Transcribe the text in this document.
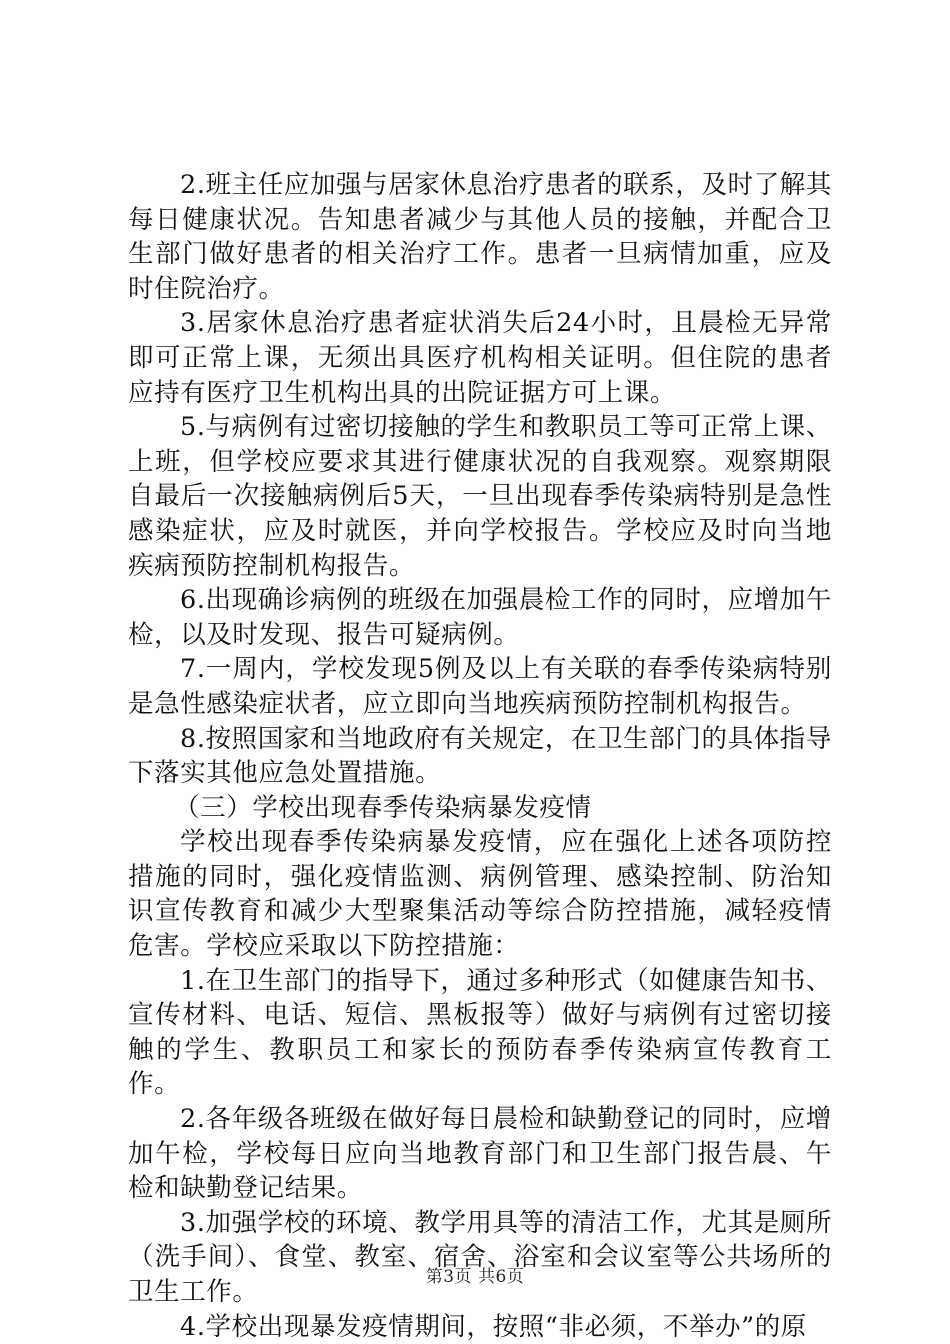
2.班主任应加强与居家休息治疗患者的联系，及时了解其每日健康状况。告知患者减少与其他人员的接触，并配合卫生部门做好患者的相关治疗工作。患者一旦病情加重，应及时住院治疗。

3.居家休息治疗患者症状消失后24小时，且晨检无异常即可正常上课，无须出具医疗机构相关证明。但住院的患者应持有医疗卫生机构出具的出院证据方可上课。

5.与病例有过密切接触的学生和教职员工等可正常上课、上班，但学校应要求其进行健康状况的自我观察。观察期限自最后一次接触病例后5天，一旦出现春季传染病特别是急性感染症状，应及时就医，并向学校报告。学校应及时向当地疾病预防控制机构报告。

6.出现确诊病例的班级在加强晨检工作的同时，应增加午检，以及时发现、报告可疑病例。

7.一周内，学校发现5例及以上有关联的春季传染病特别是急性感染症状者，应立即向当地疾病预防控制机构报告。

8.按照国家和当地政府有关规定，在卫生部门的具体指导下落实其他应急处置措施。

（三）学校出现春季传染病暴发疫情

学校出现春季传染病暴发疫情，应在强化上述各项防控措施的同时，强化疫情监测、病例管理、感染控制、防治知识宣传教育和减少大型聚集活动等综合防控措施，减轻疫情危害。学校应采取以下防控措施：

1.在卫生部门的指导下，通过多种形式（如健康告知书、宣传材料、电话、短信、黑板报等）做好与病例有过密切接触的学生、教职员工和家长的预防春季传染病宣传教育工作。

2.各年级各班级在做好每日晨检和缺勤登记的同时，应增加午检，学校每日应向当地教育部门和卫生部门报告晨、午检和缺勤登记结果。

3.加强学校的环境、教学用具等的清洁工作，尤其是厕所（洗手间）、食堂、教室、宿舍、浴室和会议室等公共场所的卫生工作。

4.学校出现暴发疫情期间，按照“非必须，不举办”的原

第3页 共6页
